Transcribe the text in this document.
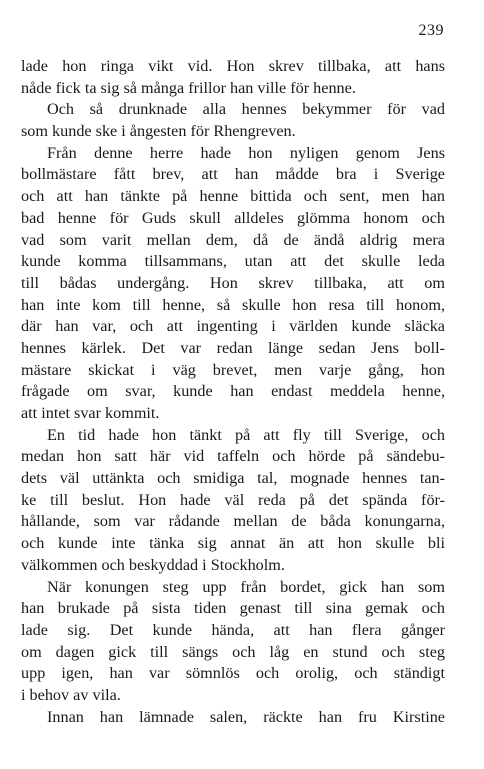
239
lade hon ringa vikt vid. Hon skrev tillbaka, att hans
nåde fick ta sig så många frillor han ville för henne.
Och så drunknade alla hennes bekymmer för vad
som kunde ske i ångesten för Rhengreven.
Från denne herre hade hon nyligen genom Jens
bollmästare fått brev, att han mådde bra i Sverige
och att han tänkte på henne bittida och sent, men han
bad henne för Guds skull alldeles glömma honom och
vad som varit mellan dem, då de ändå aldrig mera
kunde komma tillsammans, utan att det skulle leda
till bådas undergång. Hon skrev tillbaka, att om
han inte kom till henne, så skulle hon resa till honom,
där han var, och att ingenting i världen kunde släcka
hennes kärlek. Det var redan länge sedan Jens boll-
mästare skickat i väg brevet, men varje gång, hon
frågade om svar, kunde han endast meddela henne,
att intet svar kommit.
En tid hade hon tänkt på att fly till Sverige, och
medan hon satt här vid taffeln och hörde på sändebu-
dets väl uttänkta och smidiga tal, mognade hennes tan-
ke till beslut. Hon hade väl reda på det spända för-
hållande, som var rådande mellan de båda konungarna,
och kunde inte tänka sig annat än att hon skulle bli
välkommen och beskyddad i Stockholm.
När konungen steg upp från bordet, gick han som
han brukade på sista tiden genast till sina gemak och
lade sig. Det kunde hända, att han flera gånger
om dagen gick till sängs och låg en stund och steg
upp igen, han var sömnlös och orolig, och ständigt
i behov av vila.
Innan han lämnade salen, räckte han fru Kirstine
